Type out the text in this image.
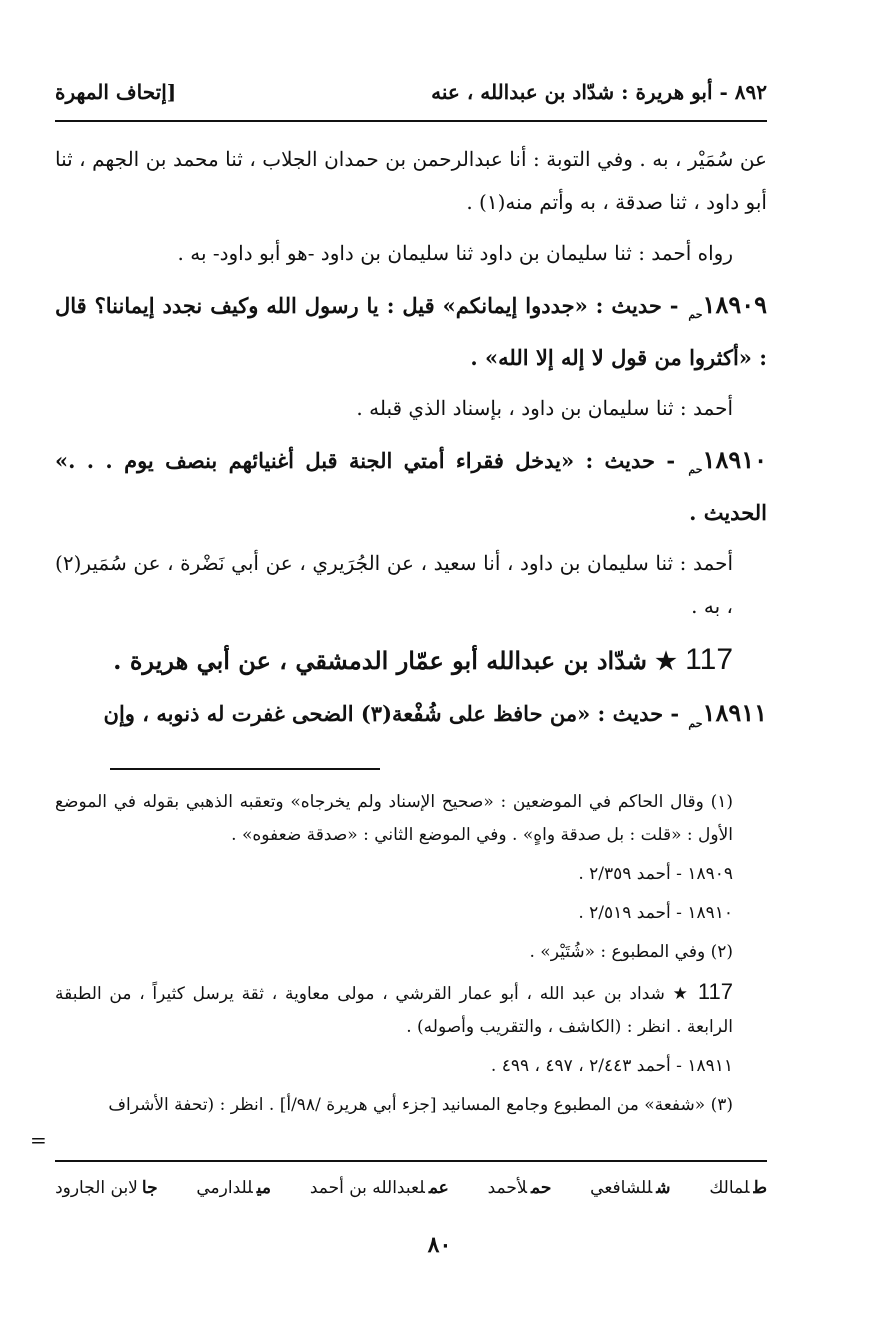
٨٩٢ - أبو هريرة : شدّاد بن عبدالله ، عنه
[إتحاف المهرة

عن سُمَيْر ، به . وفي التوبة : أنا عبدالرحمن بن حمدان الجلاب ، ثنا محمد بن الجهم ، ثنا أبو داود ، ثنا صدقة ، به وأتم منه(١) .

رواه أحمد : ثنا سليمان بن داود ثنا سليمان بن داود -هو أبو داود- به .

$١٨٩٠٩_{حم}$ - حديث : «جددوا إيمانكم» قيل : يا رسول الله وكيف نجدد إيماننا؟ قال : «أكثروا من قول لا إله إلا الله» .

أحمد : ثنا سليمان بن داود ، بإسناد الذي قبله .

$١٨٩١٠_{حم}$ - حديث : «يدخل فقراء أمتي الجنة قبل أغنيائهم بنصف يوم . . .» الحديث .

أحمد : ثنا سليمان بن داود ، أنا سعيد ، عن الجُرَيري ، عن أبي نَضْرة ، عن سُمَير(٢) ، به .

117 ★ شدّاد بن عبدالله أبو عمّار الدمشقي ، عن أبي هريرة .

$١٨٩١١_{حم}$ - حديث : «من حافظ على شُفْعة(٣) الضحى غفرت له ذنوبه ، وإن

(١) وقال الحاكم في الموضعين : «صحيح الإسناد ولم يخرجاه» وتعقبه الذهبي بقوله في الموضع الأول : «قلت : بل صدقة واهٍ» . وفي الموضع الثاني : «صدقة ضعفوه» .

١٨٩٠٩ - أحمد ٢/٣٥٩ .

١٨٩١٠ - أحمد ٢/٥١٩ .

(٢) وفي المطبوع : «شُتَيْر» .

117 ★ شداد بن عبد الله ، أبو عمار القرشي ، مولى معاوية ، ثقة يرسل كثيراً ، من الطبقة الرابعة . انظر : (الكاشف ، والتقريب وأصوله) .

١٨٩١١ - أحمد ٢/٤٤٣ ، ٤٩٧ ، ٤٩٩ .

(٣) «شفعة» من المطبوع وجامع المسانيد [جزء أبي هريرة /٩٨/أ] . انظر : (تحفة الأشراف

=
طلمالك
شللشافعي
حملأحمد
عملعبدالله بن أحمد
ميللدارمي
جالابن الجارود
٨٠
